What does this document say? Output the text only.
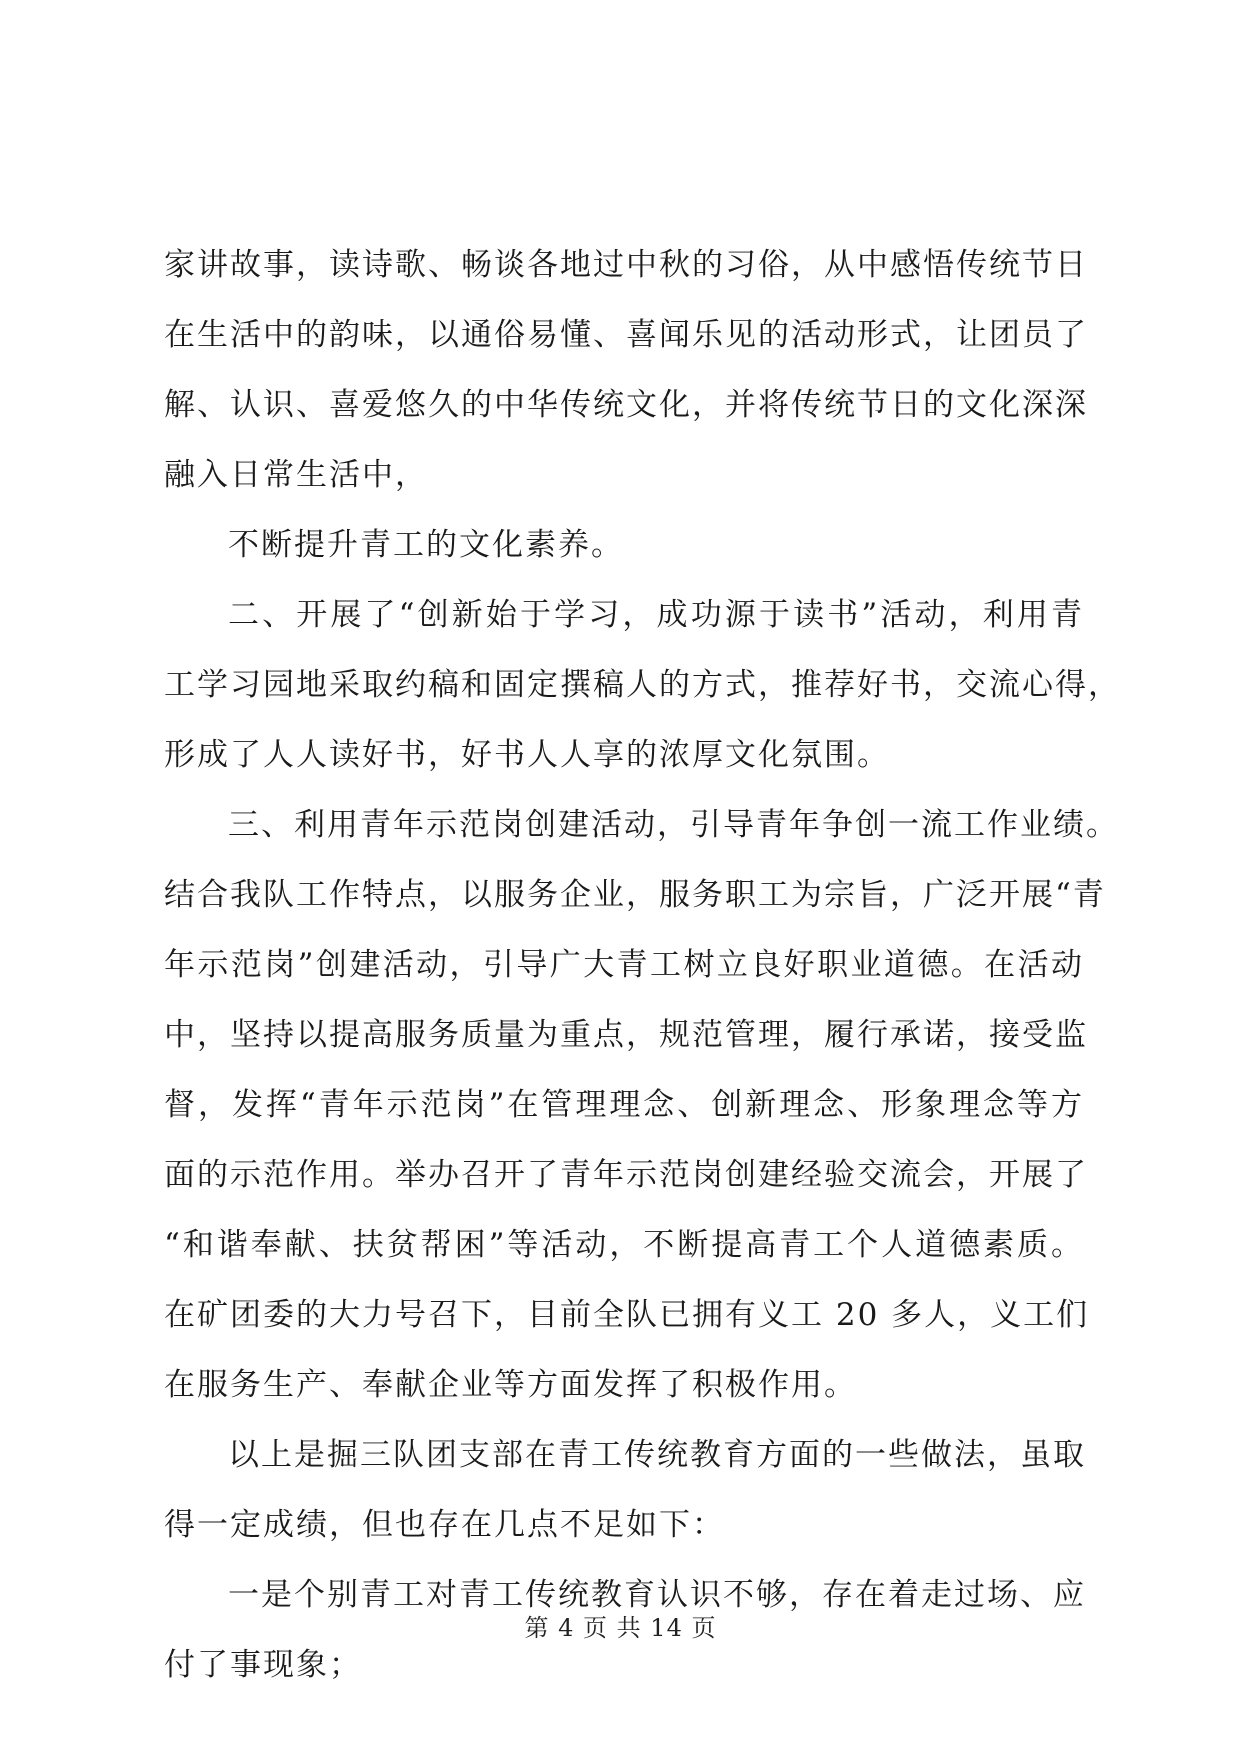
家讲故事，读诗歌、畅谈各地过中秋的习俗，从中感悟传统节日
在生活中的韵味，以通俗易懂、喜闻乐见的活动形式，让团员了
解、认识、喜爱悠久的中华传统文化，并将传统节日的文化深深
融入日常生活中，
不断提升青工的文化素养。
二、开展了“创新始于学习，成功源于读书”活动，利用青
工学习园地采取约稿和固定撰稿人的方式，推荐好书，交流心得，
形成了人人读好书，好书人人享的浓厚文化氛围。
三、利用青年示范岗创建活动，引导青年争创一流工作业绩。
结合我队工作特点，以服务企业，服务职工为宗旨，广泛开展“青
年示范岗”创建活动，引导广大青工树立良好职业道德。在活动
中，坚持以提高服务质量为重点，规范管理，履行承诺，接受监
督，发挥“青年示范岗”在管理理念、创新理念、形象理念等方
面的示范作用。举办召开了青年示范岗创建经验交流会，开展了
“和谐奉献、扶贫帮困”等活动，不断提高青工个人道德素质。
在矿团委的大力号召下，目前全队已拥有义工 20 多人，义工们
在服务生产、奉献企业等方面发挥了积极作用。
以上是掘三队团支部在青工传统教育方面的一些做法，虽取
得一定成绩，但也存在几点不足如下：
一是个别青工对青工传统教育认识不够，存在着走过场、应
付了事现象；
第 4 页 共 14 页
